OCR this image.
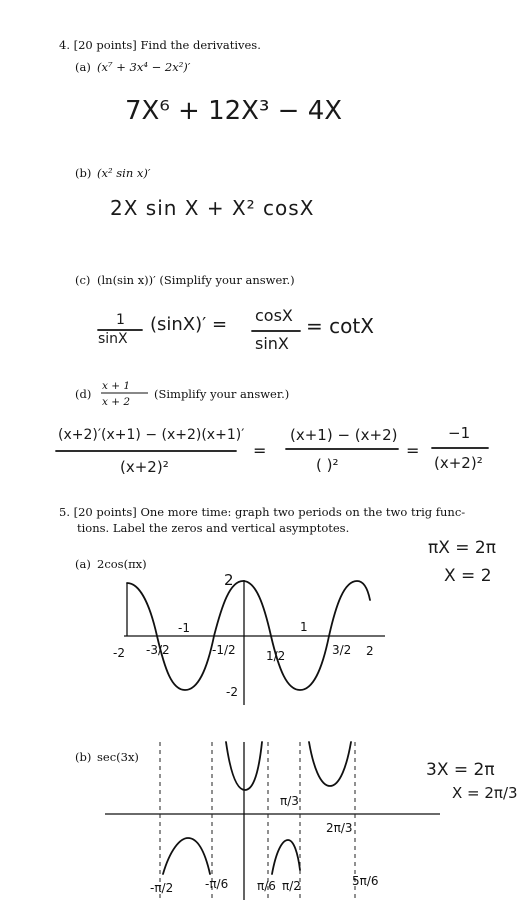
4. [20 points] Find the derivatives.
(a) (x⁷ + 3x⁴ − 2x²)′
7X⁶ + 12X³ − 4X
(b) (x² sin x)′
2X sin X + X² cosX
(c) (ln(sin x))′ (Simplify your answer.)
1
sinX
(sinX)′ = cosX
sinX
= cotX
(d)
x + 1
x + 2
(Simplify your answer.)
(x+2)′(x+1) − (x+2)(x+1)′
(x+2)²
=
(x+1) − (x+2)
( )²
=
−1
(x+2)²
5. [20 points] One more time: graph two periods on the two trig func-
tions. Label the zeros and vertical asymptotes.
(a) 2cos(πx)
πX = 2π
X = 2
(b) sec(3x)
3X = 2π
X = 2π/3
-2 -3/2	-1/2	1/2	3/2 2
2
-1	1
-2
-π/2	-π/6 π/6 π/2	5π/6
π/3
2π/3
